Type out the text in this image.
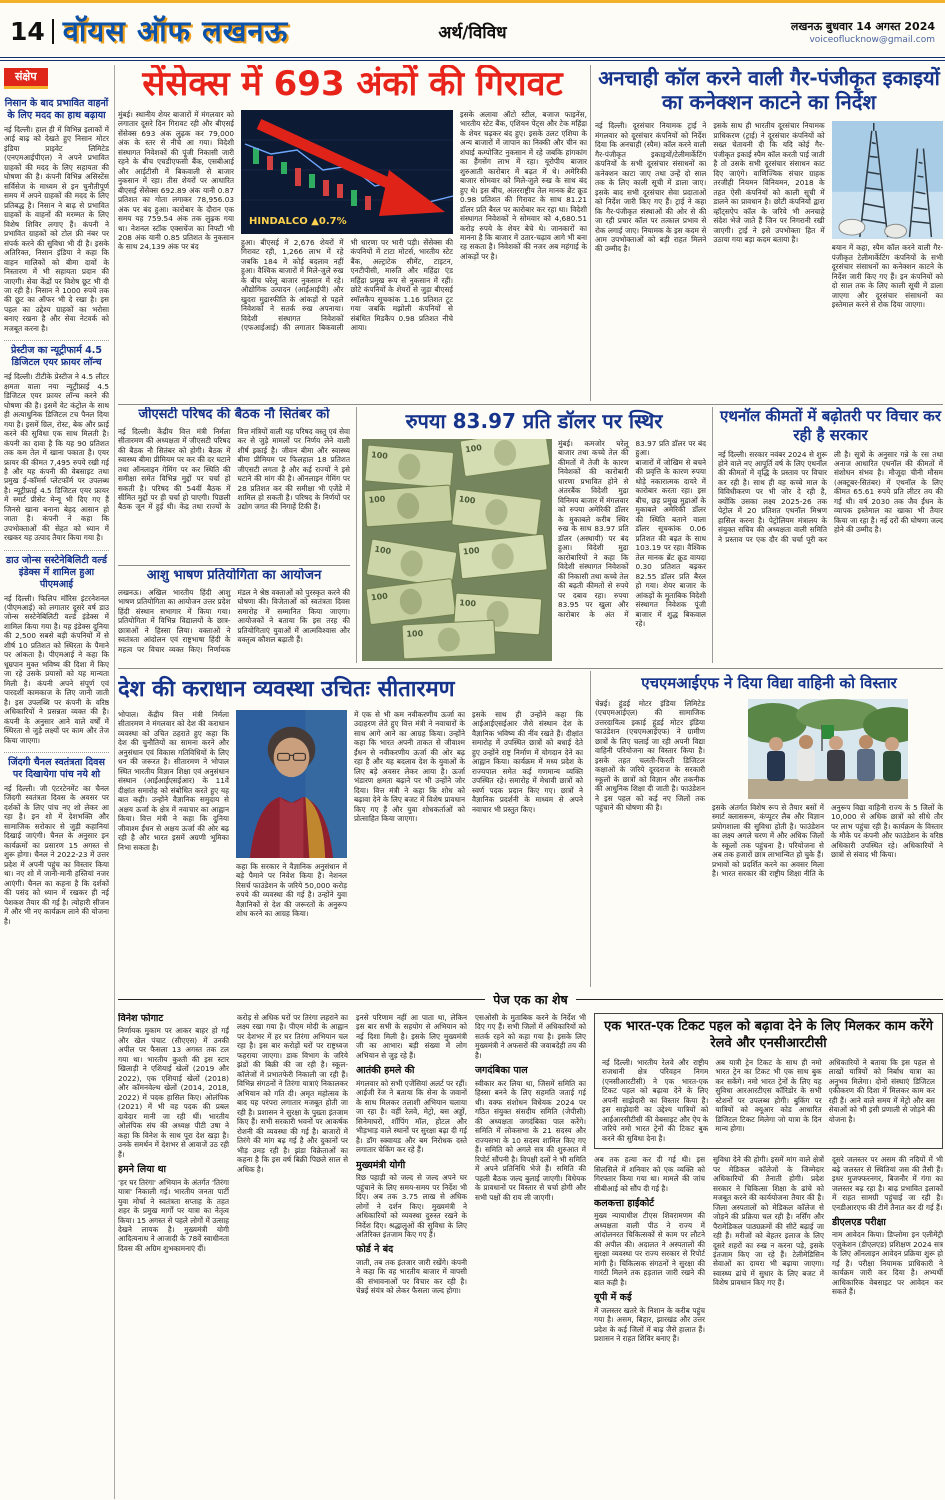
14 वॉयस ऑफ लखनऊ	अर्थ/विविध	लखनऊ बुधवार 14 अगस्त 2024
voiceoflucknow@gmail.com
संक्षेप
निसान के बाद प्रभावित वाहनों के लिए मदद का हाथ बढ़ाया

नई दिल्ली। हाल ही में विभिन्न इलाकों में आई बाढ़ को देखते हुए निसान मोटर इंडिया प्राइवेट लिमिटेड (एनएमआईपीएल) ने अपने प्रभावित ग्राहकों की मदद के लिए सहायता की घोषणा की है। कंपनी विभिन्न असिस्टेंस सर्विसेज के माध्यम से इन चुनौतीपूर्ण समय में अपने ग्राहकों की मदद के लिए प्रतिबद्ध है। निसान ने बाढ़ से प्रभावित ग्राहकों के वाहनों की मरम्मत के लिए विशेष शिविर लगाए हैं। कंपनी ने प्रभावित ग्राहकों को टोल फ्री नंबर पर संपर्क करने की सुविधा भी दी है। इसके अतिरिक्त, निसान इंडिया ने कहा कि वाहन मालिकों को बीमा दावों के निस्तारण में भी सहायता प्रदान की जाएगी। सेवा केंद्रों पर विशेष छूट भी दी जा रही है। निसान ने 1000 रुपये तक की छूट का ऑफर भी दे रखा है। इस पहल का उद्देश्य ग्राहकों का भरोसा बनाए रखना है और सेवा नेटवर्क को मजबूत करना है।

प्रेस्टीज का न्यूट्रीफार्म 4.5 डिजिटल एयर फ्रायर लॉन्च

नई दिल्ली। टीटीके प्रेस्टीज ने 4.5 लीटर क्षमता वाला नया न्यूट्रीफ्राई 4.5 डिजिटल एयर फ्रायर लॉन्च करने की घोषणा की है। इसमें वेट कंट्रोल के साथ ही अत्याधुनिक डिजिटल टच पैनल दिया गया है। इसमें ग्रिल, रोस्ट, बेक और फ्राई करने की सुविधा एक साथ मिलती है। कंपनी का दावा है कि यह 90 प्रतिशत तक कम तेल में खाना पकाता है। एयर फ्रायर की कीमत 7,495 रुपये रखी गई है और यह कंपनी की वेबसाइट तथा प्रमुख ई-कॉमर्स प्लेटफॉर्म पर उपलब्ध है। न्यूट्रीफ्राई 4.5 डिजिटल एयर फ्रायर में स्मार्ट प्रीसेट मेन्यू भी दिए गए हैं जिनसे खाना बनाना बेहद आसान हो जाता है। कंपनी ने कहा कि उपभोक्ताओं की सेहत को ध्यान में रखकर यह उत्पाद तैयार किया गया है।

डाउ जोन्स सस्टेनेबिलिटी वर्ल्ड इंडेक्स में शामिल हुआ पीएमआई

नई दिल्ली। फिलिप मॉरिस इंटरनेशनल (पीएमआई) को लगातार दूसरे वर्ष डाउ जोन्स सस्टेनेबिलिटी वर्ल्ड इंडेक्स में शामिल किया गया है। यह इंडेक्स दुनिया की 2,500 सबसे बड़ी कंपनियों में से शीर्ष 10 प्रतिशत को स्थिरता के पैमाने पर आंकता है। पीएमआई ने कहा कि धूम्रपान मुक्त भविष्य की दिशा में किए जा रहे उसके प्रयासों को यह मान्यता मिली है। कंपनी अपने संपूर्ण एवं पारदर्शी कामकाज के लिए जानी जाती है। इस उपलब्धि पर कंपनी के वरिष्ठ अधिकारियों ने प्रसन्नता व्यक्त की है। कंपनी के अनुसार आने वाले वर्षों में स्थिरता से जुड़े लक्ष्यों पर काम और तेज किया जाएगा।

जिंदगी चैनल स्वतंत्रता दिवस पर दिखायेगा पांच नये शो

नई दिल्ली। जी एंटरटेनमेंट का चैनल जिंदगी स्वतंत्रता दिवस के अवसर पर दर्शकों के लिए पांच नए शो लेकर आ रहा है। इन शो में देशभक्ति और सामाजिक सरोकार से जुड़ी कहानियां दिखाई जाएंगी। चैनल के अनुसार इन कार्यक्रमों का प्रसारण 15 अगस्त से शुरू होगा। चैनल ने 2022-23 में उत्तर प्रदेश में अपनी पहुंच का विस्तार किया था। नए शो में जानी-मानी हस्तियां नजर आएंगी। चैनल का कहना है कि दर्शकों की पसंद को ध्यान में रखकर ही नई पेशकश तैयार की गई है। त्योहारी सीजन में और भी नए कार्यक्रम लाने की योजना है।

सेंसेक्स में 693 अंकों की गिरावट
मुंबई। स्थानीय शेयर बाजारों में मंगलवार को लगातार दूसरे दिन गिरावट रही और बीएसई सेंसेक्स 693 अंक लुढ़क कर 79,000 अंक के स्तर से नीचे आ गया। विदेशी संस्थागत निवेशकों की पूंजी निकासी जारी रहने के बीच एचडीएफसी बैंक, एसबीआई और आईटीसी में बिकवाली से बाजार नुकसान में रहा। तीस शेयरों पर आधारित बीएसई सेंसेक्स 692.89 अंक यानी 0.87 प्रतिशत का गोता लगाकर 78,956.03 अंक पर बंद हुआ। कारोबार के दौरान एक समय यह 759.54 अंक तक लुढ़क गया था। नेशनल स्टॉक एक्सचेंज का निफ्टी भी 208 अंक यानी 0.85 प्रतिशत के नुकसान के साथ 24,139 अंक पर बंद
HINDALCO ▲0.7%
हुआ। बीएसई में 2,676 शेयरों में गिरावट रही, 1,266 लाभ में रहे जबकि 184 में कोई बदलाव नहीं हुआ। वैश्विक बाजारों में मिले-जुले रुख के बीच घरेलू बाजार नुकसान में रहे। औद्योगिक उत्पादन (आईआईपी) और खुदरा मुद्रास्फीति के आंकड़ों से पहले निवेशकों ने सतर्क रुख अपनाया। विदेशी संस्थागत निवेशकों (एफआईआई) की लगातार बिकवाली भी धारणा पर भारी पड़ी। सेंसेक्स की कंपनियों में टाटा मोटर्स, भारतीय स्टेट बैंक, अल्ट्राटेक सीमेंट, टाइटन, एनटीपीसी, मारुति और महिंद्रा एंड महिंद्रा प्रमुख रूप से नुकसान में रहीं। छोटे कंपनियों के शेयरों से जुड़ा बीएसई स्मॉलकैप सूचकांक 1.16 प्रतिशत टूट गया जबकि मझोली कंपनियों से संबंधित मिडकैप 0.98 प्रतिशत नीचे आया।
इसके अलावा ऑटो स्टील, बजाज फाइनेंस, भारतीय स्टेट बैंक, एशियन पेंट्स और टेक महिंद्रा के शेयर चढ़कर बंद हुए। इसके उलट एशिया के अन्य बाजारों में जापान का निक्की और चीन का शंघाई कम्पोजिट नुकसान में रहे जबकि हांगकांग का हैंगसेंग लाभ में रहा। यूरोपीय बाजार शुरुआती कारोबार में बढ़त में थे। अमेरिकी बाजार सोमवार को मिले-जुले रुख के साथ बंद हुए थे। इस बीच, अंतरराष्ट्रीय तेल मानक ब्रेंट क्रूड 0.98 प्रतिशत की गिरावट के साथ 81.21 डॉलर प्रति बैरल पर कारोबार कर रहा था। विदेशी संस्थागत निवेशकों ने सोमवार को 4,680.51 करोड़ रुपये के शेयर बेचे थे। जानकारों का मानना है कि बाजार में उतार-चढ़ाव आगे भी बना रह सकता है। निवेशकों की नजर अब महंगाई के आंकड़ों पर है।
अनचाही कॉल करने वाली गैर-पंजीकृत इकाइयों का कनेक्शन काटने का निर्देश
नई दिल्ली। दूरसंचार नियामक ट्राई ने मंगलवार को दूरसंचार कंपनियों को निर्देश दिया कि अनचाही (स्पैम) कॉल करने वाली गैर-पंजीकृत इकाइयों/टेलीमार्केटिंग कंपनियों के सभी दूरसंचार संसाधनों का कनेक्शन काटा जाए तथा उन्हें दो साल तक के लिए काली सूची में डाला जाए। इसके बाद सभी दूरसंचार सेवा प्रदाताओं को निर्देश जारी किए गए हैं। ट्राई ने कहा कि गैर-पंजीकृत संस्थाओं की ओर से की जा रही प्रचार कॉल पर तत्काल प्रभाव से रोक लगाई जाए। नियामक के इस कदम से आम उपभोक्ताओं को बड़ी राहत मिलने की उम्मीद है।
इसके साथ ही भारतीय दूरसंचार नियामक प्राधिकरण (ट्राई) ने दूरसंचार कंपनियों को सख्त चेतावनी दी कि यदि कोई गैर-पंजीकृत इकाई स्पैम कॉल करती पाई जाती है तो उसके सभी दूरसंचार संसाधन काट दिए जाएंगे। वाणिज्यिक संचार ग्राहक तरजीही नियमन विनियमन, 2018 के तहत ऐसी कंपनियों को काली सूची में डालने का प्रावधान है। छोटी कंपनियों द्वारा व्हॉट्सऐप कॉल के जरिये भी अनचाहे संदेश भेजे जाते हैं जिन पर निगरानी रखी जाएगी। ट्राई ने इसे उपभोक्ता हित में उठाया गया बड़ा कदम बताया है।
बयान में कहा, स्पैम कॉल करने वाली गैर-पंजीकृत टेलीमार्केटिंग कंपनियों के सभी दूरसंचार संसाधनों का कनेक्शन काटने के निर्देश जारी किए गए हैं। इन कंपनियों को दो साल तक के लिए काली सूची में डाला जाएगा और दूरसंचार संसाधनों का इस्तेमाल करने से रोक दिया जाएगा।
जीएसटी परिषद की बैठक नौ सितंबर को
नई दिल्ली। केंद्रीय वित्त मंत्री निर्मला सीतारमण की अध्यक्षता में जीएसटी परिषद की बैठक नौ सितंबर को होगी। बैठक में स्वास्थ्य बीमा प्रीमियम पर कर की दर घटाने तथा ऑनलाइन गेमिंग पर कर स्थिति की समीक्षा समेत विभिन्न मुद्दों पर चर्चा हो सकती है। परिषद की 54वीं बैठक में सीमित मुद्दों पर ही चर्चा हो पाएगी। पिछली बैठक जून में हुई थी। केंद्र तथा राज्यों के वित्त मंत्रियों वाली यह परिषद वस्तु एवं सेवा कर से जुड़े मामलों पर निर्णय लेने वाली शीर्ष इकाई है। जीवन बीमा और स्वास्थ्य बीमा प्रीमियम पर फिलहाल 18 प्रतिशत जीएसटी लगता है और कई राज्यों ने इसे घटाने की मांग की है। ऑनलाइन गेमिंग पर 28 प्रतिशत कर की समीक्षा भी एजेंडे में शामिल हो सकती है। परिषद के निर्णयों पर उद्योग जगत की निगाहें टिकी हैं।
आशु भाषण प्रतियोगिता का आयोजन
लखनऊ। अखिल भारतीय हिंदी आशु भाषण प्रतियोगिता का आयोजन उत्तर प्रदेश हिंदी संस्थान सभागार में किया गया। प्रतियोगिता में विभिन्न विद्यालयों के छात्र-छात्राओं ने हिस्सा लिया। वक्ताओं ने स्वतंत्रता आंदोलन एवं राष्ट्रभाषा हिंदी के महत्व पर विचार व्यक्त किए। निर्णायक मंडल ने श्रेष्ठ वक्ताओं को पुरस्कृत करने की घोषणा की। विजेताओं को स्वतंत्रता दिवस समारोह में सम्मानित किया जाएगा। आयोजकों ने बताया कि इस तरह की प्रतियोगिताएं युवाओं में आत्मविश्वास और वक्तृत्व कौशल बढ़ाती हैं।
रुपया 83.97 प्रति डॉलर पर स्थिर
100
100
100	100
100	100
100
100
100

मुंबई। कमजोर घरेलू बाजार तथा कच्चे तेल की कीमतों में तेजी के कारण निवेशकों की कारोबारी धारणा प्रभावित होने से अंतरबैंक विदेशी मुद्रा विनिमय बाजार में मंगलवार को रुपया अमेरिकी डॉलर के मुकाबले करीब स्थिर रुख के साथ 83.97 प्रति डॉलर (अस्थायी) पर बंद हुआ। विदेशी मुद्रा कारोबारियों ने कहा कि विदेशी संस्थागत निवेशकों की निकासी तथा कच्चे तेल की बढ़ती कीमतों से रुपये पर दबाव रहा। रुपया 83.95 पर खुला और कारोबार के अंत में 83.97 प्रति डॉलर पर बंद हुआ।

बाजारों में जोखिम से बचने की प्रवृत्ति के कारण रुपया थोड़े नकारात्मक दायरे में कारोबार करता रहा। इस बीच, छह प्रमुख मुद्राओं के मुकाबले अमेरिकी डॉलर की स्थिति बताने वाला डॉलर सूचकांक 0.06 प्रतिशत की बढ़त के साथ 103.19 पर रहा। वैश्विक तेल मानक ब्रेंट क्रूड वायदा 0.30 प्रतिशत बढ़कर 82.55 डॉलर प्रति बैरल हो गया। शेयर बाजार के आंकड़ों के मुताबिक विदेशी संस्थागत निवेशक पूंजी बाजार में शुद्ध बिकवाल रहे।

एथनॉल कीमतों में बढ़ोतरी पर विचार कर रही है सरकार
नई दिल्ली। सरकार नवंबर 2024 से शुरू होने वाले नए आपूर्ति वर्ष के लिए एथनॉल की कीमतों में वृद्धि के प्रस्ताव पर विचार कर रही है। साथ ही वह कच्चे माल के विविधीकरण पर भी जोर दे रही है, क्योंकि उसका लक्ष्य 2025-26 तक पेट्रोल में 20 प्रतिशत एथनॉल मिश्रण हासिल करना है। पेट्रोलियम मंत्रालय के संयुक्त सचिव की अध्यक्षता वाली समिति ने प्रस्ताव पर एक दौर की चर्चा पूरी कर ली है। सूत्रों के अनुसार गन्ने के रस तथा अनाज आधारित एथनॉल की कीमतों में संशोधन संभव है। मौजूदा चीनी मौसम (अक्टूबर-सितंबर) में एथनॉल के लिए कीमत 65.61 रुपये प्रति लीटर तय की गई थी। वर्ष 2030 तक जैव ईंधन के व्यापक इस्तेमाल का खाका भी तैयार किया जा रहा है। नई दरों की घोषणा जल्द होने की उम्मीद है।
देश की कराधान व्यवस्था उचितः सीतारमण
भोपाल। केंद्रीय वित्त मंत्री निर्मला सीतारमण ने मंगलवार को देश की कराधान व्यवस्था को उचित ठहराते हुए कहा कि देश की चुनौतियों का सामना करने और अनुसंधान एवं विकास गतिविधियों के लिए धन की जरूरत है। सीतारमण ने भोपाल स्थित भारतीय विज्ञान शिक्षा एवं अनुसंधान संस्थान (आईआईएसईआर) के 11वें दीक्षांत समारोह को संबोधित करते हुए यह बात कही। उन्होंने वैज्ञानिक समुदाय से अक्षय ऊर्जा के क्षेत्र में नवाचार का आह्वान किया। वित्त मंत्री ने कहा कि दुनिया जीवाश्म ईंधन से अक्षय ऊर्जा की ओर बढ़ रही है और भारत इसमें अग्रणी भूमिका निभा सकता है।
कहा कि सरकार ने वैज्ञानिक अनुसंधान में बड़े पैमाने पर निवेश किया है। नेशनल रिसर्च फाउंडेशन के जरिये 50,000 करोड़ रुपये की व्यवस्था की गई है। उन्होंने युवा वैज्ञानिकों से देश की जरूरतों के अनुरूप शोध करने का आग्रह किया।
में एक से भी कम नवीकरणीय ऊर्जा का उदाहरण लेते हुए वित्त मंत्री ने नवाचारों के साथ आगे आने का आग्रह किया। उन्होंने कहा कि भारत अपनी ताकत से जीवाश्म ईंधन से नवीकरणीय ऊर्जा की ओर बढ़ रहा है और यह बदलाव देश के युवाओं के लिए बड़े अवसर लेकर आया है। ऊर्जा भंडारण क्षमता बढ़ाने पर भी उन्होंने जोर दिया। वित्त मंत्री ने कहा कि शोध को बढ़ावा देने के लिए बजट में विशेष प्रावधान किए गए हैं और युवा शोधकर्ताओं को प्रोत्साहित किया जाएगा।
इसके साथ ही उन्होंने कहा कि आईआईएसईआर जैसे संस्थान देश के वैज्ञानिक भविष्य की नींव रखते हैं। दीक्षांत समारोह में उपस्थित छात्रों को बधाई देते हुए उन्होंने राष्ट्र निर्माण में योगदान देने का आह्वान किया। कार्यक्रम में मध्य प्रदेश के राज्यपाल समेत कई गणमान्य व्यक्ति उपस्थित रहे। समारोह में मेधावी छात्रों को स्वर्ण पदक प्रदान किए गए। छात्रों ने वैज्ञानिक प्रदर्शनी के माध्यम से अपने नवाचार भी प्रस्तुत किए।
एचएमआईएफ ने दिया विद्या वाहिनी को विस्तार
चेन्नई। हुंडई मोटर इंडिया लिमिटेड (एचएमआईएल) की सामाजिक उत्तरदायित्व इकाई हुंडई मोटर इंडिया फाउंडेशन (एचएमआईएफ) ने ग्रामीण छात्रों के लिए चलाई जा रही अपनी विद्या वाहिनी परियोजना का विस्तार किया है। इसके तहत चलती-फिरती डिजिटल कक्षाओं के जरिये दूरदराज के सरकारी स्कूलों के छात्रों को विज्ञान और तकनीक की आधुनिक शिक्षा दी जाती है। फाउंडेशन ने इस पहल को कई नए जिलों तक पहुंचाने की घोषणा की है।	इसके अंतर्गत विशेष रूप से तैयार बसों में स्मार्ट क्लासरूम, कंप्यूटर लैब और विज्ञान प्रयोगशाला की सुविधा होती है। फाउंडेशन का लक्ष्य अगले चरण में और अधिक जिलों के स्कूलों तक पहुंचना है। परियोजना से अब तक हजारों छात्र लाभान्वित हो चुके हैं।

प्रभावों को प्रदर्शित करने का अवसर मिला है। भारत सरकार की राष्ट्रीय शिक्षा नीति के अनुरूप विद्या वाहिनी राज्य के 5 जिलों के 10,000 से अधिक छात्रों को सीधे तौर पर लाभ पहुंचा रही है। कार्यक्रम के विस्तार के मौके पर कंपनी और फाउंडेशन के वरिष्ठ अधिकारी उपस्थित रहे। अधिकारियों ने छात्रों से संवाद भी किया।

पेज एक का शेष
विनेश फोगाट

निर्णायक मुकाम पर आकर बाहर हो गईं और खेल पंचाट (सीएएस) में उनकी अपील पर फैसला 13 अगस्त तक टल गया था। भारतीय कुश्ती की इस स्टार खिलाड़ी ने एशियाई खेलों (2019 और 2022), एक एशियाई खेलों (2018) और कॉमनवेल्थ खेलों (2014, 2018, 2022) में पदक हासिल किए। ओलंपिक (2021) में भी वह पदक की प्रबल दावेदार मानी जा रही थीं। भारतीय ओलंपिक संघ की अध्यक्ष पीटी उषा ने कहा कि विनेश के साथ पूरा देश खड़ा है। उनके समर्थन में देशभर से आवाजें उठ रही हैं।

हमने लिया था

'हर घर तिरंगा' अभियान के अंतर्गत 'तिरंगा यात्रा' निकाली गई। भारतीय जनता पार्टी युवा मोर्चा ने स्वतंत्रता सप्ताह के तहत शहर के प्रमुख मार्गों पर यात्रा का नेतृत्व किया। 15 अगस्त से पहले लोगों में उत्साह देखने लायक है। मुख्यमंत्री योगी आदित्यनाथ ने आजादी के 78वें स्वाधीनता दिवस की अग्रिम शुभकामनाएं दीं।

करोड़ से अधिक घरों पर तिरंगा लहराने का लक्ष्य रखा गया है। पीएम मोदी के आह्वान पर देशभर में हर घर तिरंगा अभियान चल रहा है। इस बार करोड़ों घरों पर राष्ट्रध्वज फहराया जाएगा। डाक विभाग के जरिये झंडों की बिक्री की जा रही है। स्कूल-कॉलेजों में प्रभातफेरी निकाली जा रही हैं। विभिन्न संगठनों ने तिरंगा यात्राएं निकालकर अभियान को गति दी। अमृत महोत्सव के बाद यह परंपरा लगातार मजबूत होती जा रही है। प्रशासन ने सुरक्षा के पुख्ता इंतजाम किए हैं। सभी सरकारी भवनों पर आकर्षक रोशनी की व्यवस्था की गई है। बाजारों में तिरंगे की मांग बढ़ गई है और दुकानों पर भीड़ उमड़ रही है। झंडा विक्रेताओं का कहना है कि इस वर्ष बिक्री पिछले साल से अधिक है।

इनसे परिणाम नहीं आ पाता था, लेकिन इस बार सभी के सहयोग से अभियान को नई दिशा मिली है। इसके लिए मुख्यमंत्री जी का आभार। बड़ी संख्या में लोग अभियान से जुड़ रहे हैं।

आतंकी हमले की

मंगलवार को सभी एजेंसियां अलर्ट पर रहीं। आईजी रेंज ने बताया कि सेना के जवानों के साथ मिलकर तलाशी अभियान चलाया जा रहा है। वहीं रेलवे, मेट्रो, बस अड्डों, सिनेमाघरों, शॉपिंग मॉल, होटल और भीड़भाड़ वाले स्थानों पर सुरक्षा बढ़ा दी गई है। डॉग स्क्वायड और बम निरोधक दस्ते लगातार चेकिंग कर रहे हैं।

मुख्यमंत्री योगी

रिछ पहाड़ी को जल्द से जल्द अपने घर पहुंचाने के लिए समय-समय पर निर्देश भी दिए। अब तक 3.75 लाख से अधिक लोगों ने दर्शन किए। मुख्यमंत्री ने अधिकारियों को व्यवस्था दुरुस्त रखने के निर्देश दिए। श्रद्धालुओं की सुविधा के लिए अतिरिक्त इंतजाम किए गए हैं।

फोर्ड ने बंद

जाती, तब तक इंतजार जारी रखेंगे। कंपनी ने कहा कि वह भारतीय बाजार में वापसी की संभावनाओं पर विचार कर रही है। चेन्नई संयंत्र को लेकर फैसला जल्द होगा।

एसओसी के मुताबिक करने के निर्देश भी दिए गए हैं। सभी जिलों में अधिकारियों को सतर्क रहने को कहा गया है। इसके लिए मुख्यमंत्री ने अफसरों की जवाबदेही तय की है।

जगदंबिका पाल

स्वीकार कर लिया था, जिसमें समिति का हिस्सा बनने के लिए सहमति जताई गई थी। वक्फ संशोधन विधेयक 2024 पर गठित संयुक्त संसदीय समिति (जेपीसी) की अध्यक्षता जगदंबिका पाल करेंगे। समिति में लोकसभा के 21 सदस्य और राज्यसभा के 10 सदस्य शामिल किए गए हैं। समिति को अगले सत्र की शुरुआत में रिपोर्ट सौंपनी है। विपक्षी दलों ने भी समिति में अपने प्रतिनिधि भेजे हैं। समिति की पहली बैठक जल्द बुलाई जाएगी। विधेयक के प्रावधानों पर विस्तार से चर्चा होगी और सभी पक्षों की राय ली जाएगी।

एक भारत-एक टिकट पहल को बढ़ावा देने के लिए मिलकर काम करेंगे रेलवे और एनसीआरटीसी

नई दिल्ली। भारतीय रेलवे और राष्ट्रीय राजधानी क्षेत्र परिवहन निगम (एनसीआरटीसी) ने एक भारत-एक टिकट पहल को बढ़ावा देने के लिए अपनी साझेदारी का विस्तार किया है। इस साझेदारी का उद्देश्य यात्रियों को आईआरसीटीसी की वेबसाइट और ऐप के जरिये नमो भारत ट्रेनों की टिकट बुक करने की सुविधा देना है।

अब यात्री ट्रेन टिकट के साथ ही नमो भारत ट्रेन का टिकट भी एक साथ बुक कर सकेंगे। नमो भारत ट्रेनों के लिए यह सुविधा आरआरटीएस कॉरिडोर के सभी स्टेशनों पर उपलब्ध होगी। बुकिंग पर यात्रियों को क्यूआर कोड आधारित डिजिटल टिकट मिलेगा जो यात्रा के दिन मान्य होगा।

अधिकारियों ने बताया कि इस पहल से लाखों यात्रियों को निर्बाध यात्रा का अनुभव मिलेगा। दोनों संस्थाएं डिजिटल एकीकरण की दिशा में मिलकर काम कर रही हैं। आने वाले समय में मेट्रो और बस सेवाओं को भी इसी प्रणाली से जोड़ने की योजना है।

अब तक हत्या कर दी गई थी। इस सिलसिले में शनिवार को एक व्यक्ति को गिरफ्तार किया गया था। मामले की जांच सीबीआई को सौंप दी गई है।

कलकत्ता हाईकोर्ट

मुख्य न्यायाधीश टीएस शिवरामणम की अध्यक्षता वाली पीठ ने राज्य में आंदोलनरत चिकित्सकों से काम पर लौटने की अपील की। अदालत ने अस्पतालों की सुरक्षा व्यवस्था पर राज्य सरकार से रिपोर्ट मांगी है। चिकित्सक संगठनों ने सुरक्षा की गारंटी मिलने तक हड़ताल जारी रखने की बात कही है।

यूपी में कई

में जलस्तर खतरे के निशान के करीब पहुंच गया है। असम, बिहार, झारखंड और उत्तर प्रदेश के कई जिलों में बाढ़ जैसे हालात हैं। प्रशासन ने राहत शिविर बनाए हैं।

सुविधा देने की होगी। इसमें मांग वाले क्षेत्रों पर मेडिकल कॉलेजों के जिम्मेदार अधिकारियों की तैनाती होगी। प्रदेश सरकार ने चिकित्सा शिक्षा के ढांचे को मजबूत करने की कार्ययोजना तैयार की है। जिला अस्पतालों को मेडिकल कॉलेज से जोड़ने की प्रक्रिया चल रही है। नर्सिंग और पैरामेडिकल पाठ्यक्रमों की सीटें बढ़ाई जा रही हैं। मरीजों को बेहतर इलाज के लिए दूसरे शहरों का रुख न करना पड़े, इसके इंतजाम किए जा रहे हैं। टेलीमेडिसिन सेवाओं का दायरा भी बढ़ाया जाएगा। स्वास्थ्य ढांचे में सुधार के लिए बजट में विशेष प्रावधान किए गए हैं।

दूसरे जलस्तर पर असम की नदियों में भी बढ़े जलस्तर से स्थितियां जस की तैसी हैं। इधर मुजफ्फरनगर, बिजनौर में गंगा का जलस्तर बढ़ रहा है। बाढ़ प्रभावित इलाकों में राहत सामग्री पहुंचाई जा रही है। एनडीआरएफ की टीमें तैनात कर दी गई हैं।

डीएलएड परीक्षा

नाम आवेदन किया। डिप्लोमा इन एलीमेंट्री एजुकेशन (डीएलएड) प्रशिक्षण 2024 सत्र के लिए ऑनलाइन आवेदन प्रक्रिया शुरू हो गई है। परीक्षा नियामक प्राधिकारी ने कार्यक्रम जारी कर दिया है। अभ्यर्थी आधिकारिक वेबसाइट पर आवेदन कर सकते हैं।
